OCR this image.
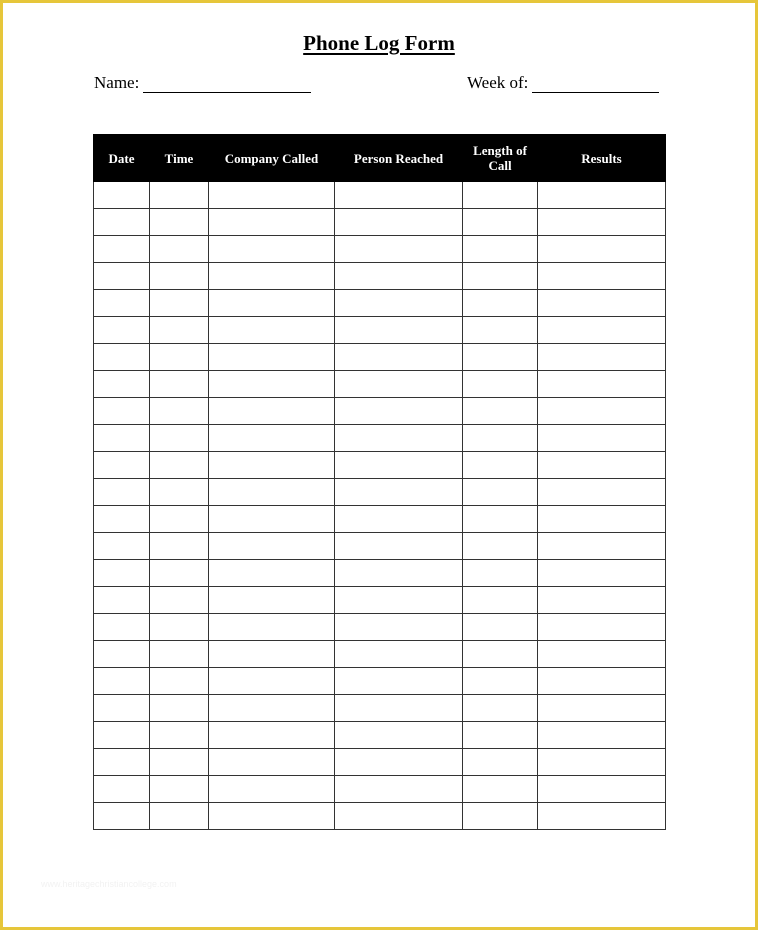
Phone Log Form
Name:	Week of:
Date	Time	Company Called	Person Reached	Length of Call	Results

www.heritagechristiancollege.com
